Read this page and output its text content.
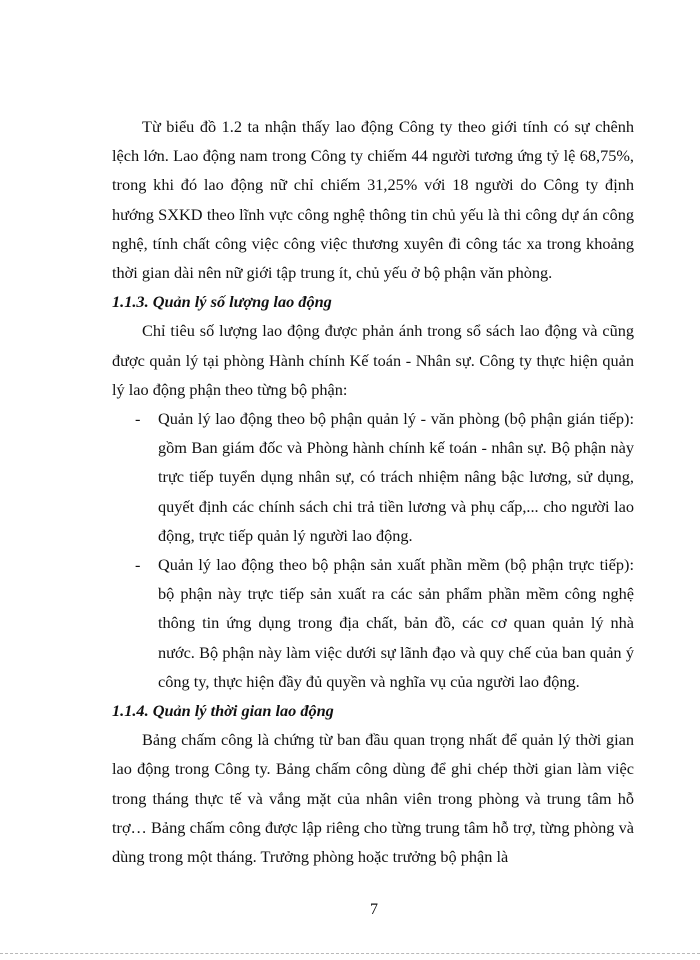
Từ biểu đồ 1.2 ta nhận thấy lao động Công ty theo giới tính có sự chênh lệch lớn. Lao động nam trong Công ty chiếm 44 người tương ứng tỷ lệ 68,75%, trong khi đó lao động nữ chỉ chiếm 31,25% với 18 người do Công ty định hướng SXKD theo lĩnh vực công nghệ thông tin chủ yếu là thi công dự án công nghệ, tính chất công việc công việc thương xuyên đi công tác xa trong khoảng thời gian dài nên nữ giới tập trung ít, chủ yếu ở bộ phận văn phòng.

1.1.3. Quản lý số lượng lao động

Chỉ tiêu số lượng lao động được phản ánh trong sổ sách lao động và cũng được quản lý tại phòng Hành chính Kế toán - Nhân sự. Công ty thực hiện quản lý lao động phận theo từng bộ phận:

- Quản lý lao động theo bộ phận quản lý - văn phòng (bộ phận gián tiếp): gồm Ban giám đốc và Phòng hành chính kế toán - nhân sự. Bộ phận này trực tiếp tuyển dụng nhân sự, có trách nhiệm nâng bậc lương, sử dụng, quyết định các chính sách chi trả tiền lương và phụ cấp,... cho người lao động, trực tiếp quản lý người lao động.
- Quản lý lao động theo bộ phận sản xuất phần mềm (bộ phận trực tiếp): bộ phận này trực tiếp sản xuất ra các sản phẩm phần mềm công nghệ thông tin ứng dụng trong địa chất, bản đồ, các cơ quan quản lý nhà nước. Bộ phận này làm việc dưới sự lãnh đạo và quy chế của ban quản ý công ty, thực hiện đầy đủ quyền và nghĩa vụ của người lao động.

1.1.4. Quản lý thời gian lao động

Bảng chấm công là chứng từ ban đầu quan trọng nhất để quản lý thời gian lao động trong Công ty. Bảng chấm công dùng để ghi chép thời gian làm việc trong tháng thực tế và vắng mặt của nhân viên trong phòng và trung tâm hỗ trợ… Bảng chấm công được lập riêng cho từng trung tâm hỗ trợ, từng phòng và dùng trong một tháng. Trưởng phòng hoặc trưởng bộ phận là

7
